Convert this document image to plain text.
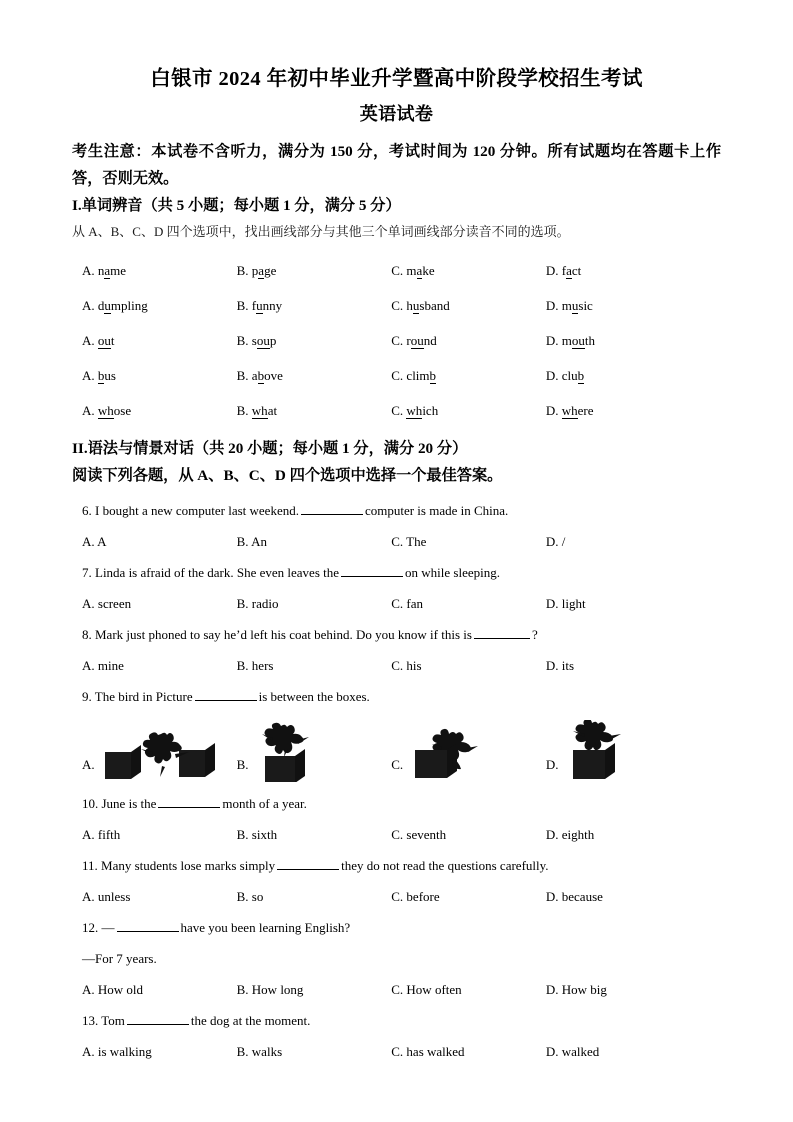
白银市 2024 年初中毕业升学暨高中阶段学校招生考试
英语试卷

考生注意：本试卷不含听力，满分为 150 分，考试时间为 120 分钟。所有试题均在答题卡上作答，否则无效。

I.单词辨音（共 5 小题；每小题 1 分，满分 5 分）

从 A、B、C、D 四个选项中，找出画线部分与其他三个单词画线部分读音不同的选项。

A. name	B. page	C. make	D. fact
A. dumpling	B. funny	C. husband	D. music
A. out	B. soup	C. round	D. mouth
A. bus	B. above	C. climb	D. club
A. whose	B. what	C. which	D. where

II.语法与情景对话（共 20 小题；每小题 1 分，满分 20 分）

阅读下列各题，从 A、B、C、D 四个选项中选择一个最佳答案。

6. I bought a new computer last weekend.	computer is made in China.

A. A	B. An	C. The	D. /

7. Linda is afraid of the dark. She even leaves the	on while sleeping.

A. screen	B. radio	C. fan	D. light

8. Mark just phoned to say he’d left his coat behind. Do you know if this is	?

A. mine	B. hers	C. his	D. its

9. The bird in Picture	is between the boxes.

A.	B.	C.	D.

10. June is the	month of a year.

A. fifth	B. sixth	C. seventh	D. eighth

11. Many students lose marks simply	they do not read the questions carefully.

A. unless	B. so	C. before	D. because

12. —	have you been learning English?

—For 7 years.

A. How old	B. How long	C. How often	D. How big

13. Tom	the dog at the moment.

A. is walking	B. walks	C. has walked	D. walked
